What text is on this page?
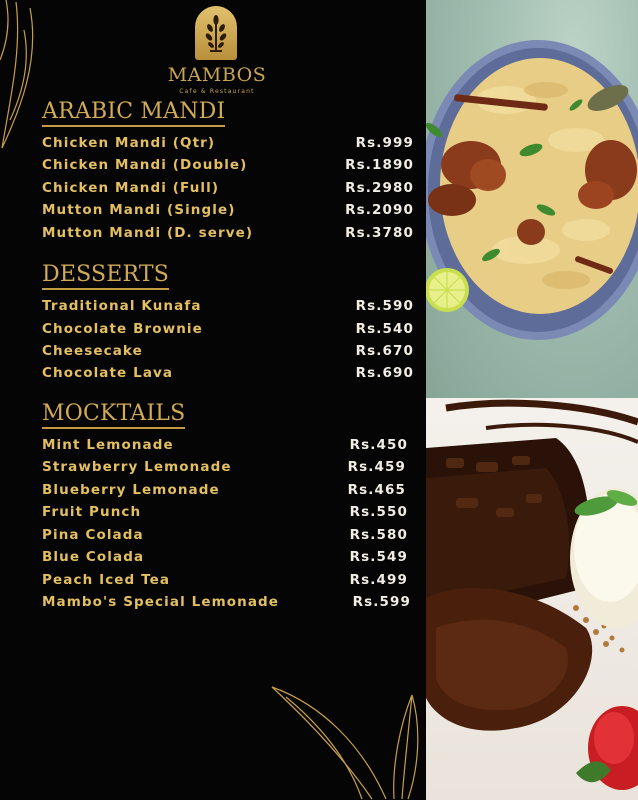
MAMBOS
Cafe & Restaurant
ARABIC MANDI
Chicken Mandi (Qtr)	Rs.999
Chicken Mandi (Double)	Rs.1890
Chicken Mandi (Full)	Rs.2980
Mutton Mandi (Single)	Rs.2090
Mutton Mandi (D. serve)	Rs.3780
DESSERTS
Traditional Kunafa	Rs.590
Chocolate Brownie	Rs.540
Cheesecake	Rs.670
Chocolate Lava	Rs.690
MOCKTAILS
Mint Lemonade	Rs.450
Strawberry Lemonade	Rs.459
Blueberry Lemonade	Rs.465
Fruit Punch	Rs.550
Pina Colada	Rs.580
Blue Colada	Rs.549
Peach Iced Tea	Rs.499
Mambo's Special Lemonade	Rs.599
